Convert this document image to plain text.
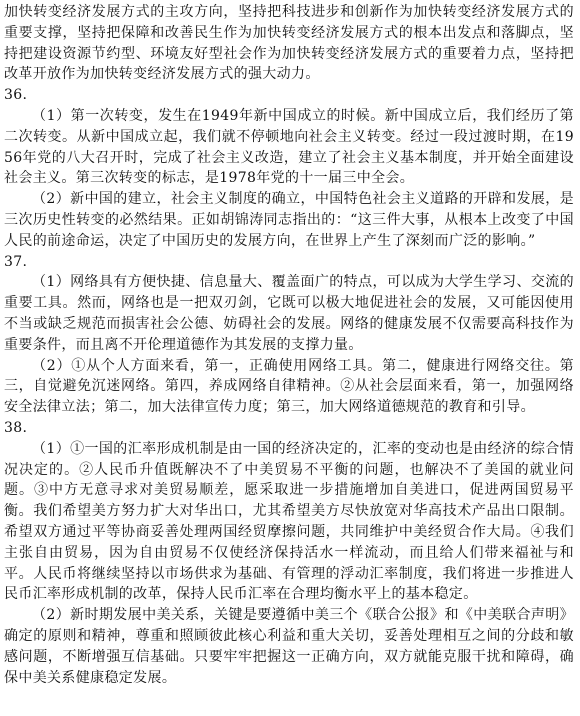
加快转变经济发展方式的主攻方向，坚持把科技进步和创新作为加快转变经济发展方式的重要支撑，坚持把保障和改善民生作为加快转变经济发展方式的根本出发点和落脚点，坚持把建设资源节约型、环境友好型社会作为加快转变经济发展方式的重要着力点，坚持把改革开放作为加快转变经济发展方式的强大动力。

36.

（1）第一次转变，发生在1949年新中国成立的时候。新中国成立后，我们经历了第二次转变。从新中国成立起，我们就不停顿地向社会主义转变。经过一段过渡时期，在1956年党的八大召开时，完成了社会主义改造，建立了社会主义基本制度，并开始全面建设社会主义。第三次转变的标志，是1978年党的十一届三中全会。

（2）新中国的建立，社会主义制度的确立，中国特色社会主义道路的开辟和发展，是三次历史性转变的必然结果。正如胡锦涛同志指出的：“这三件大事，从根本上改变了中国人民的前途命运，决定了中国历史的发展方向，在世界上产生了深刻而广泛的影响。”

37.

（1）网络具有方便快捷、信息量大、覆盖面广的特点，可以成为大学生学习、交流的重要工具。然而，网络也是一把双刃剑，它既可以极大地促进社会的发展，又可能因使用不当或缺乏规范而损害社会公德、妨碍社会的发展。网络的健康发展不仅需要高科技作为重要条件，而且离不开伦理道德作为其发展的支撑力量。

（2）①从个人方面来看，第一，正确使用网络工具。第二，健康进行网络交往。第三，自觉避免沉迷网络。第四，养成网络自律精神。②从社会层面来看，第一，加强网络安全法律立法；第二，加大法律宣传力度；第三，加大网络道德规范的教育和引导。

38.

（1）①一国的汇率形成机制是由一国的经济决定的，汇率的变动也是由经济的综合情况决定的。②人民币升值既解决不了中美贸易不平衡的问题，也解决不了美国的就业问题。③中方无意寻求对美贸易顺差，愿采取进一步措施增加自美进口，促进两国贸易平衡。我们希望美方努力扩大对华出口，尤其希望美方尽快放宽对华高技术产品出口限制。希望双方通过平等协商妥善处理两国经贸摩擦问题，共同维护中美经贸合作大局。④我们主张自由贸易，因为自由贸易不仅使经济保持活水一样流动，而且给人们带来福祉与和平。人民币将继续坚持以市场供求为基础、有管理的浮动汇率制度，我们将进一步推进人民币汇率形成机制的改革，保持人民币汇率在合理均衡水平上的基本稳定。

（2）新时期发展中美关系，关键是要遵循中美三个《联合公报》和《中美联合声明》确定的原则和精神，尊重和照顾彼此核心利益和重大关切，妥善处理相互之间的分歧和敏感问题，不断增强互信基础。只要牢牢把握这一正确方向，双方就能克服干扰和障碍，确保中美关系健康稳定发展。
